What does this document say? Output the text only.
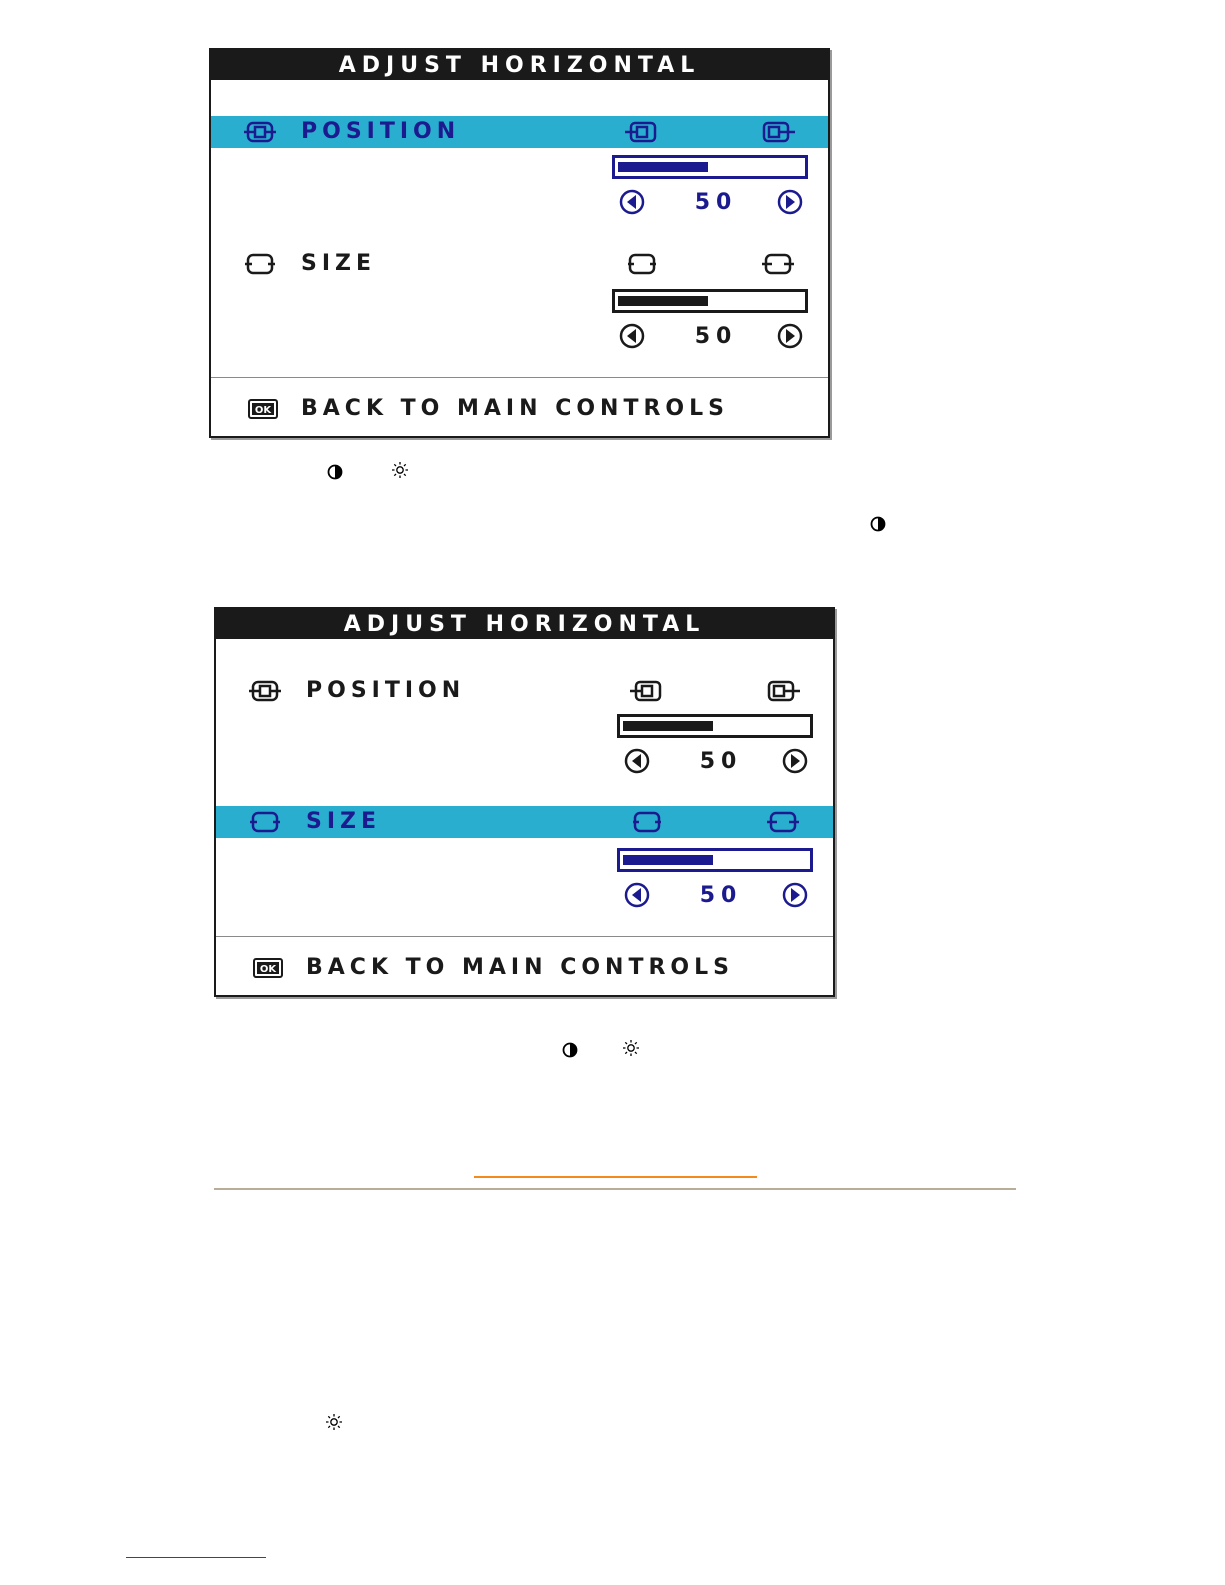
ADJUST HORIZONTAL
POSITION
50
SIZE
50
OK BACK TO MAIN CONTROLS
ADJUST HORIZONTAL
POSITION
50
SIZE
50
OK BACK TO MAIN CONTROLS
